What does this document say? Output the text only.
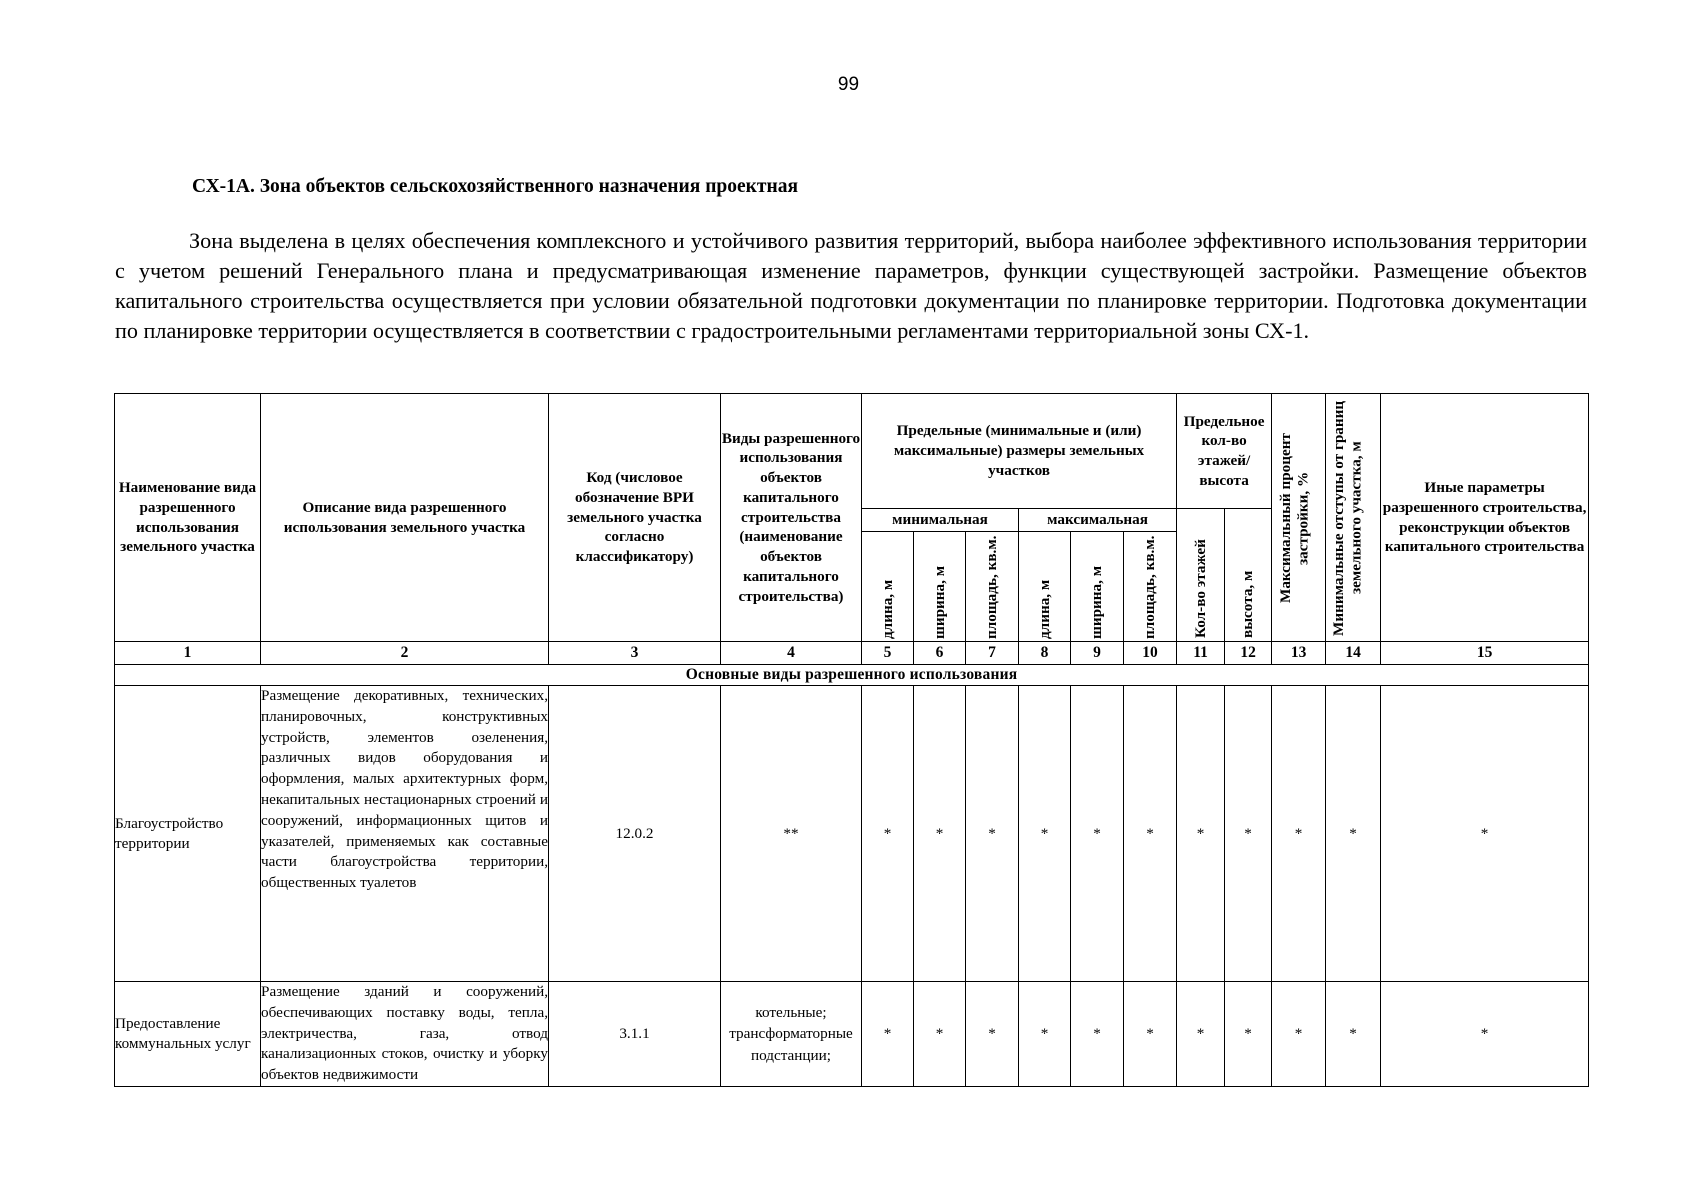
99
СХ-1А. Зона объектов сельскохозяйственного назначения проектная

Зона выделена в целях обеспечения комплексного и устойчивого развития территорий, выбора наиболее эффективного использования территории с учетом решений Генерального плана и предусматривающая изменение параметров, функции существующей застройки. Размещение объектов капитального строительства осуществляется при условии обязательной подготовки документации по планировке территории. Подготовка документации по планировке территории осуществляется в соответствии с градостроительными регламентами территориальной зоны СХ-1.

Наименование вида разрешенного использования земельного участка	Описание вида разрешенного использования земельного участка	Код (числовое обозначение ВРИ земельного участка согласно классификатору)	Виды разрешенного использования объектов капитального строительства (наименование объектов капитального строительства)	Предельные (минимальные и (или) максимальные) размеры земельных участков						Предельное кол-во этажей/ высота		Максимальный процент застройки, %	Минимальные отступы от границ земельного участка, м	Иные параметры разрешенного строительства, реконструкции объектов капитального строительства
				минимальная			максимальная			Кол-во этажей	высота, м			

				длина, м	ширина, м	площадь, кв.м.	длина, м	ширина, м	площадь, кв.м.					

1	2	3	4	5	6	7	8	9	10	11	12	13	14	15
Основные виды разрешенного использования														
Благоустройство территории	Размещение декоративных, технических, планировочных, конструктивных устройств, элементов озеленения, различных видов оборудования и оформления, малых архитектурных форм, некапитальных нестационарных строений и сооружений, информационных щитов и указателей, применяемых как составные части благоустройства территории, общественных туалетов	12.0.2	**	*	*	*	*	*	*	*	*	*	*	*
Предоставление коммунальных услуг	Размещение зданий и сооружений, обеспечивающих поставку воды, тепла, электричества, газа, отвод канализационных стоков, очистку и уборку объектов недвижимости	3.1.1	котельные; трансформаторные подстанции;	*	*	*	*	*	*	*	*	*	*	*
